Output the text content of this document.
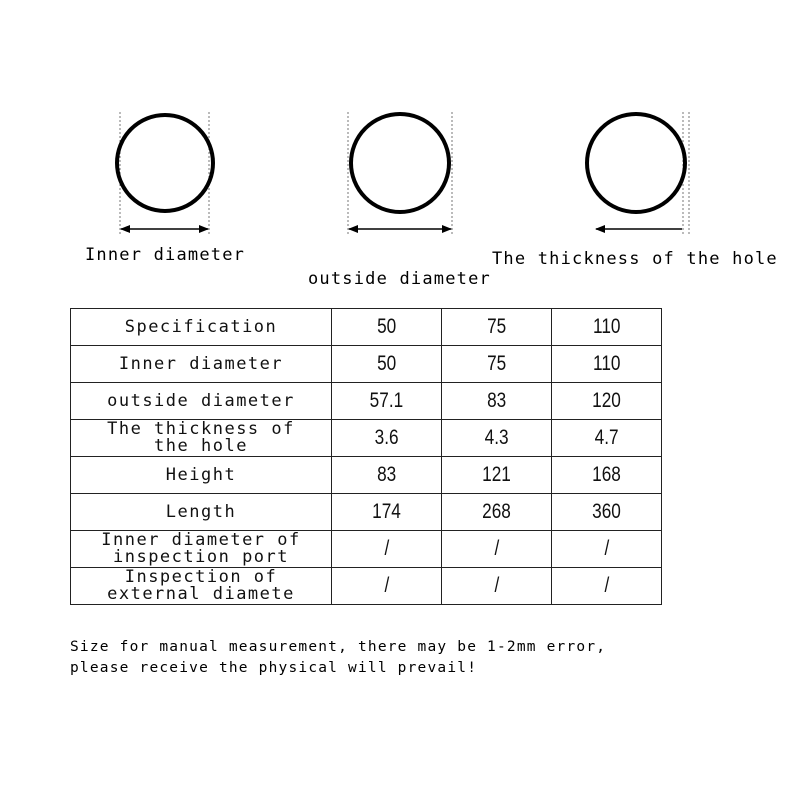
Inner diameter
outside diameter
The thickness of the hole
Specification	50	75	110
Inner diameter	50	75	110
outside diameter	57.1	83	120
The thickness of
the hole	3.6	4.3	4.7
Height	83	121	168
Length	174	268	360
Inner diameter of
inspection port	/	/	/
Inspection of
external diamete	/	/	/

Size for manual measurement, there may be 1-2mm error,
please receive the physical will prevail!
